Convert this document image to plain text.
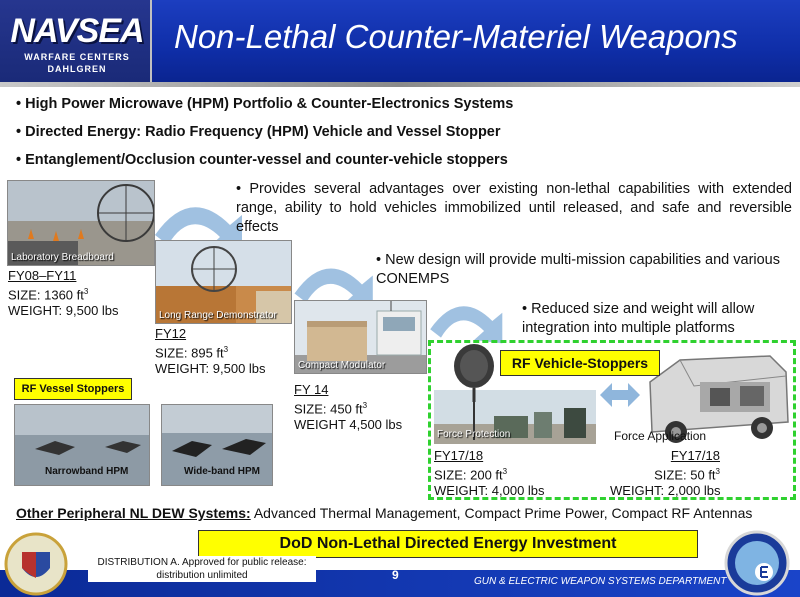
NAVSEA
WARFARE CENTERS
DAHLGREN
Non-Lethal Counter-Materiel Weapons
• High Power Microwave (HPM) Portfolio & Counter-Electronics Systems
• Directed Energy: Radio Frequency (HPM) Vehicle and Vessel Stopper
• Entanglement/Occlusion counter-vessel and counter-vehicle stoppers
Laboratory Breadboard
Long Range Demonstrator
Compact Modulator
FY08–FY11
SIZE: 1360 $ft^3$
WEIGHT: 9,500 lbs
FY12
SIZE: 895 $ft^3$
WEIGHT: 9,500 lbs
FY 14
SIZE: 450 $ft^3$
WEIGHT 4,500 lbs
• Provides several advantages over existing non-lethal capabilities with extended range, ability to hold vehicles immobilized until released, and safe and reversible effects
• New design will provide multi-mission capabilities and various CONEMPS
• Reduced size and weight will allow integration into multiple platforms
Force Protection
RF Vehicle-Stoppers
Force Application
FY17/18
SIZE: 200 $ft^3$
WEIGHT: 4,000 lbs
FY17/18
SIZE: 50 $ft^3$
WEIGHT: 2,000 lbs
RF Vessel Stoppers
Narrowband HPM	Wide-band HPM
Other Peripheral NL DEW Systems: Advanced Thermal Management, Compact Prime Power, Compact RF Antennas
DoD Non-Lethal Directed Energy Investment
DISTRIBUTION A. Approved for public release: distribution unlimited	9	GUN & ELECTRIC WEAPON SYSTEMS DEPARTMENT
